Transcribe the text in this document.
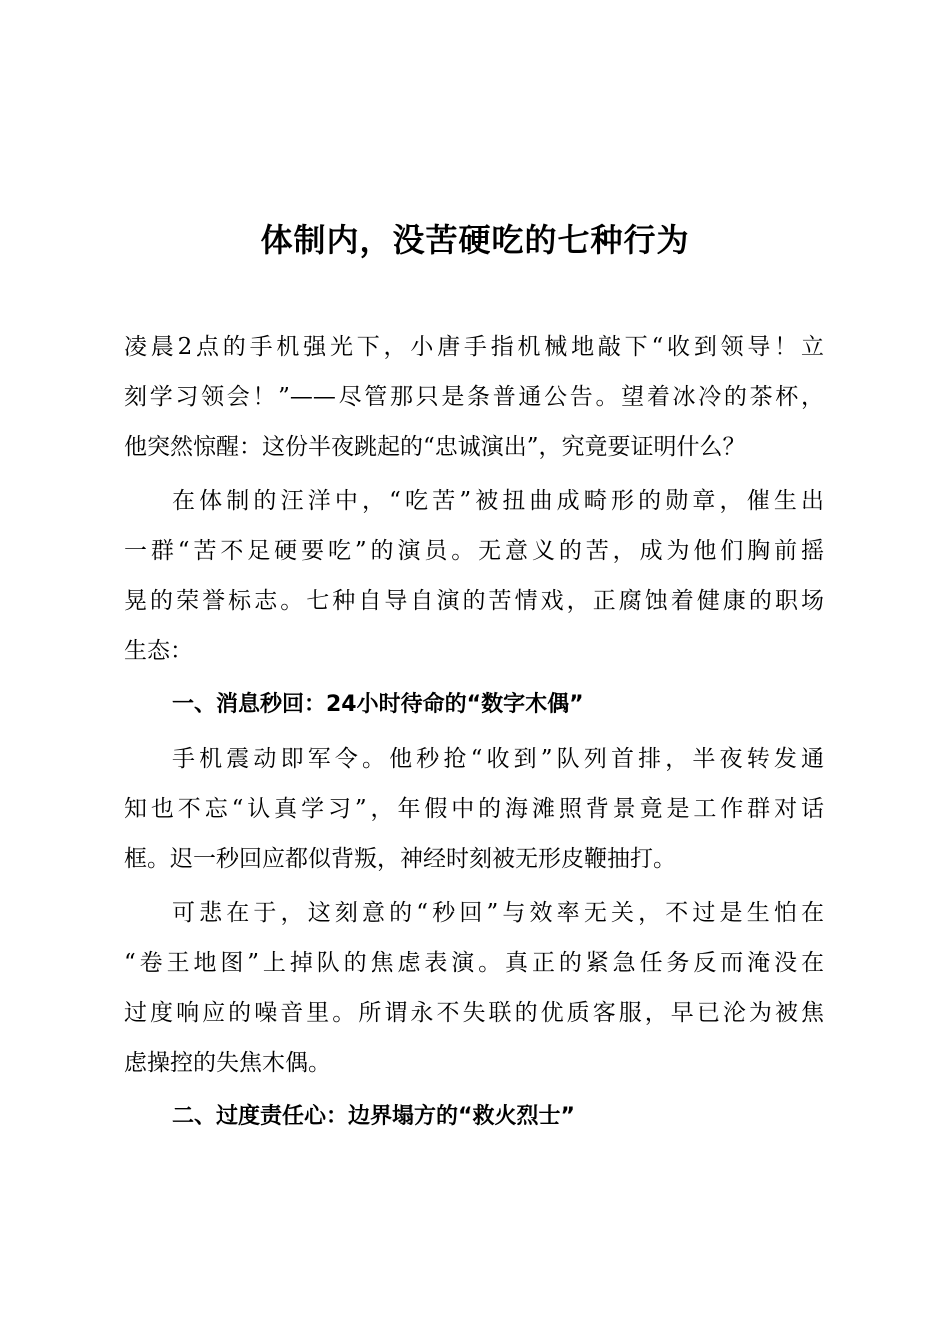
体制内，没苦硬吃的七种行为
凌晨2点的手机强光下，小唐手指机械地敲下“收到领导！立
刻学习领会！”——尽管那只是条普通公告。望着冰冷的茶杯，
他突然惊醒：这份半夜跳起的“忠诚演出”，究竟要证明什么？
在体制的汪洋中，“吃苦”被扭曲成畸形的勋章，催生出
一群“苦不足硬要吃”的演员。无意义的苦，成为他们胸前摇
晃的荣誉标志。七种自导自演的苦情戏，正腐蚀着健康的职场
生态：
一、消息秒回：24小时待命的“数字木偶”
手机震动即军令。他秒抢“收到”队列首排，半夜转发通
知也不忘“认真学习”，年假中的海滩照背景竟是工作群对话
框。迟一秒回应都似背叛，神经时刻被无形皮鞭抽打。
可悲在于，这刻意的“秒回”与效率无关，不过是生怕在
“卷王地图”上掉队的焦虑表演。真正的紧急任务反而淹没在
过度响应的噪音里。所谓永不失联的优质客服，早已沦为被焦
虑操控的失焦木偶。
二、过度责任心：边界塌方的“救火烈士”
